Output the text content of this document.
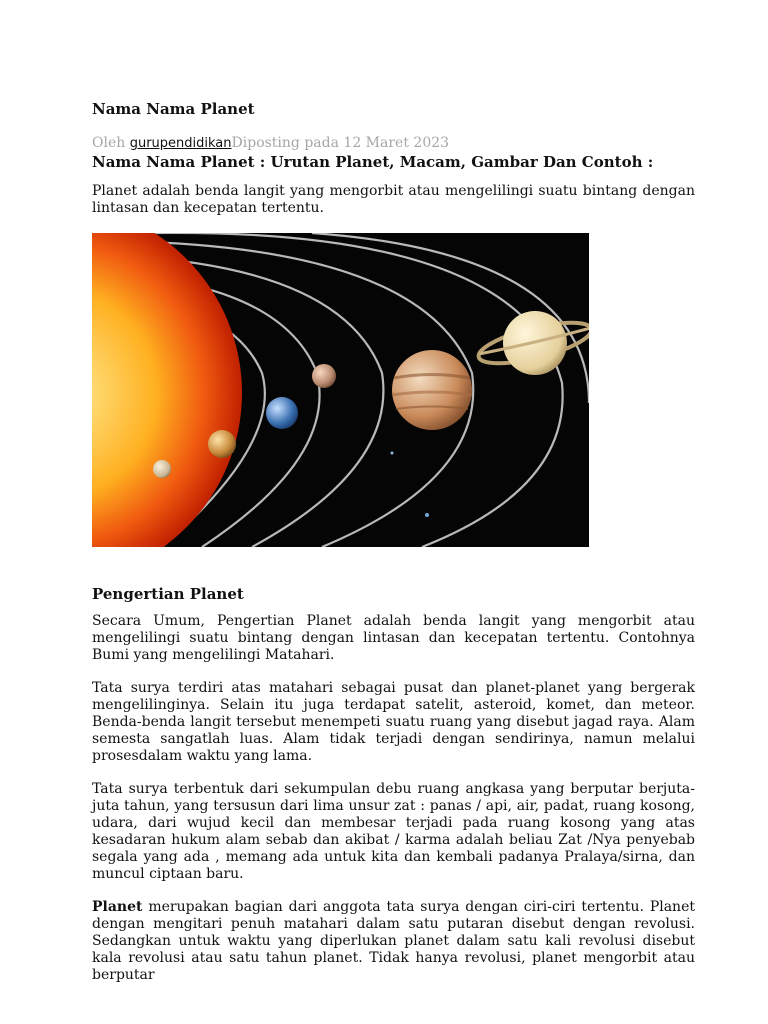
Nama Nama Planet
Oleh gurupendidikanDiposting pada 12 Maret 2023
Nama Nama Planet : Urutan Planet, Macam, Gambar Dan Contoh :

Planet adalah benda langit yang mengorbit atau mengelilingi suatu bintang dengan lintasan dan kecepatan tertentu.

Pengertian Planet

Secara Umum, Pengertian Planet adalah benda langit yang mengorbit atau mengelilingi suatu bintang dengan lintasan dan kecepatan tertentu. Contohnya Bumi yang mengelilingi Matahari.

Tata surya terdiri atas matahari sebagai pusat dan planet-planet yang bergerak mengelilinginya. Selain itu juga terdapat satelit, asteroid, komet, dan meteor. Benda-benda langit tersebut menempeti suatu ruang yang disebut jagad raya. Alam semesta sangatlah luas. Alam tidak terjadi dengan sendirinya, namun melalui prosesdalam waktu yang lama.

Tata surya terbentuk dari sekumpulan debu ruang angkasa yang berputar berjuta-juta tahun, yang tersusun dari lima unsur zat : panas / api, air, padat, ruang kosong, udara, dari wujud kecil dan membesar terjadi pada ruang kosong yang atas kesadaran hukum alam sebab dan akibat / karma adalah beliau Zat /Nya penyebab segala yang ada , memang ada untuk kita dan kembali padanya Pralaya/sirna, dan muncul ciptaan baru.

Planet merupakan bagian dari anggota tata surya dengan ciri-ciri tertentu. Planet dengan mengitari penuh matahari dalam satu putaran disebut dengan revolusi. Sedangkan untuk waktu yang diperlukan planet dalam satu kali revolusi disebut kala revolusi atau satu tahun planet. Tidak hanya revolusi, planet mengorbit atau berputar
